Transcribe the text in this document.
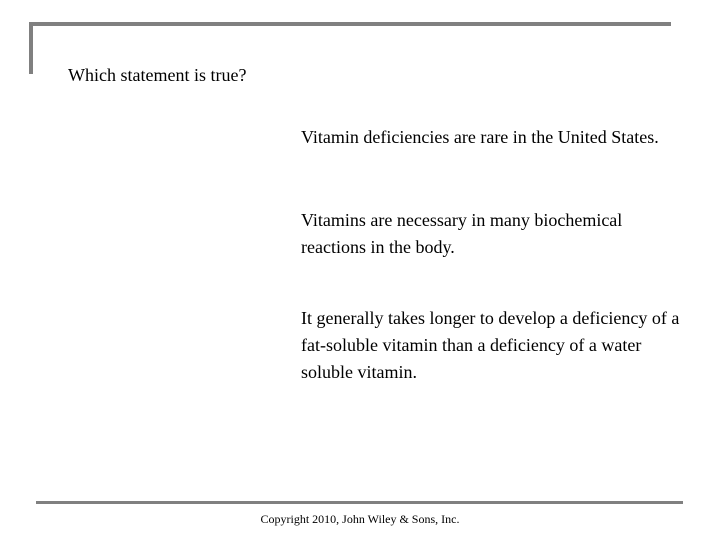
Which statement is true?

Vitamin deficiencies are rare in the United States.

Vitamins are necessary in many biochemical reactions in the body.

It generally takes longer to develop a deficiency of a fat-soluble vitamin than a deficiency of a water soluble vitamin.

Copyright 2010, John Wiley & Sons, Inc.
